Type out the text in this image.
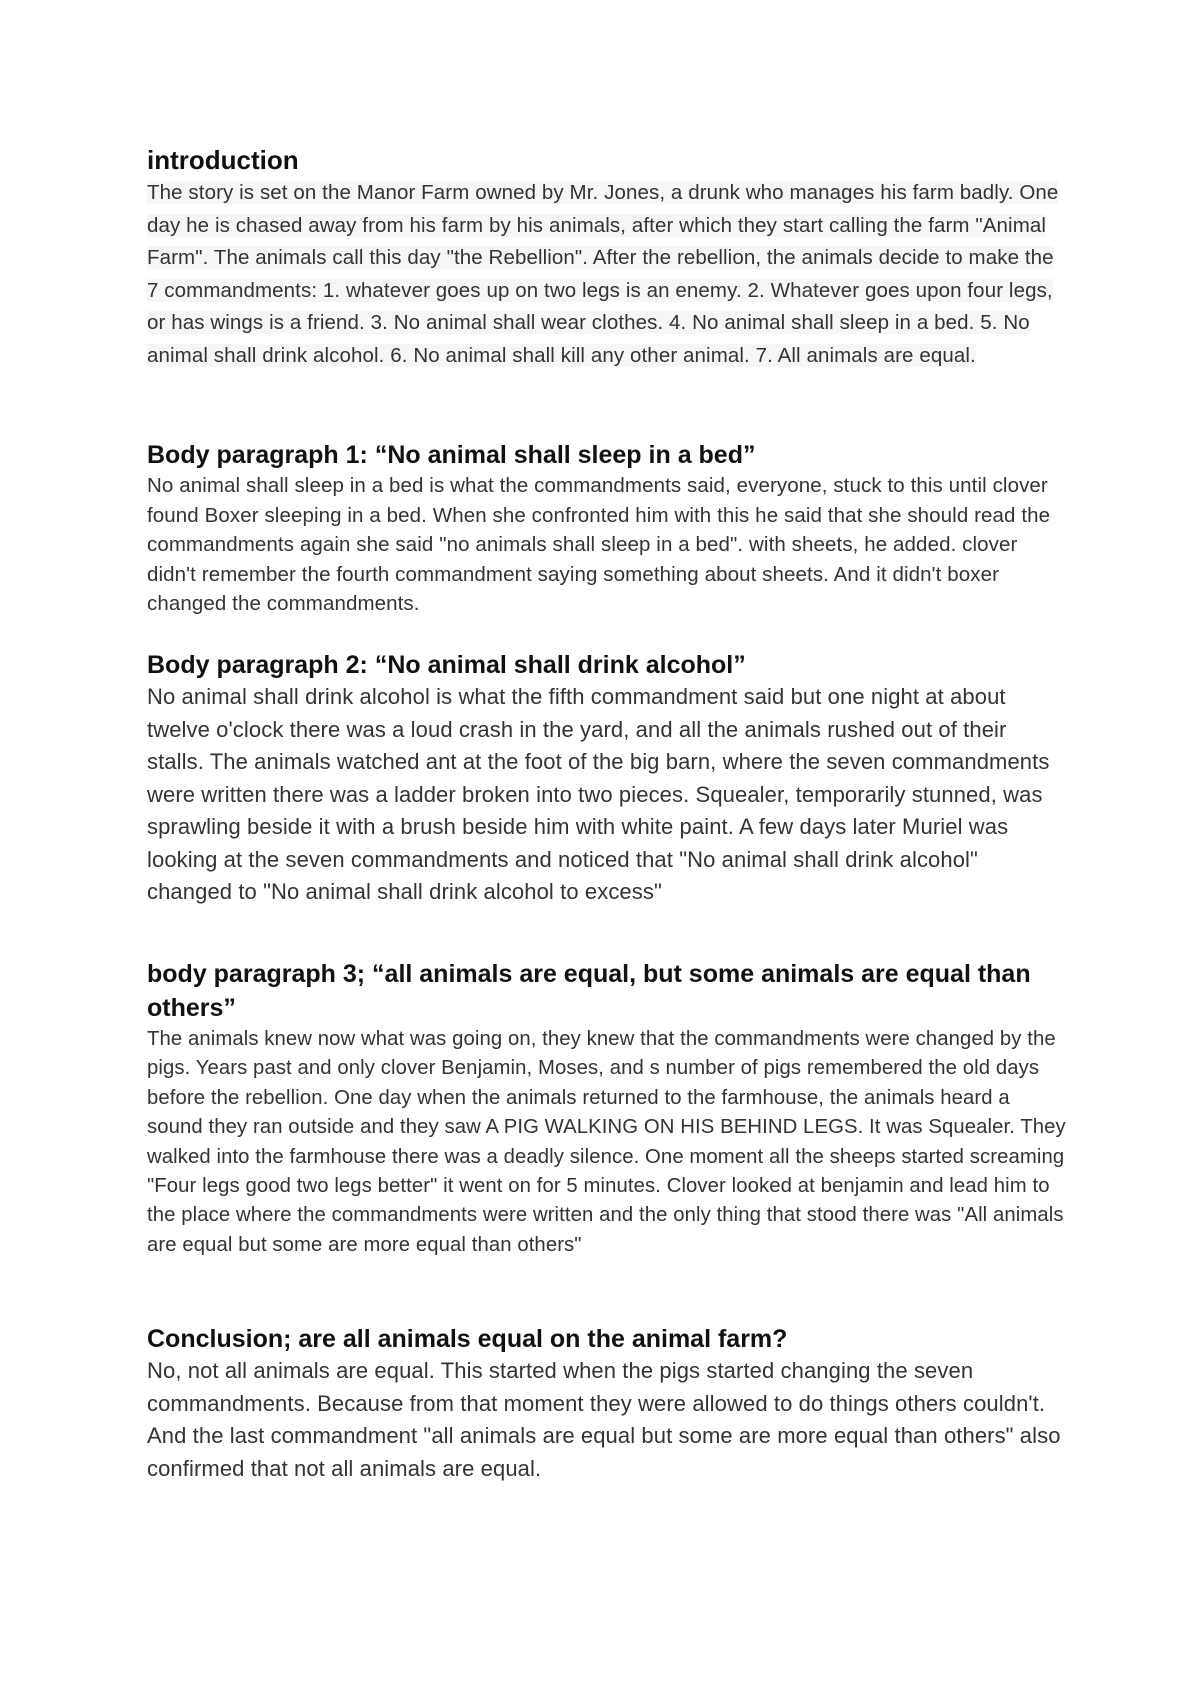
introduction

The story is set on the Manor Farm owned by Mr. Jones, a drunk who manages his farm badly. One day he is chased away from his farm by his animals, after which they start calling the farm "Animal Farm". The animals call this day "the Rebellion". After the rebellion, the animals decide to make the 7 commandments: 1. whatever goes up on two legs is an enemy. 2. Whatever goes upon four legs, or has wings is a friend. 3. No animal shall wear clothes. 4. No animal shall sleep in a bed. 5. No animal shall drink alcohol. 6. No animal shall kill any other animal. 7. All animals are equal.

Body paragraph 1: “No animal shall sleep in a bed”

No animal shall sleep in a bed is what the commandments said, everyone, stuck to this until clover found Boxer sleeping in a bed. When she confronted him with this he said that she should read the commandments again she said "no animals shall sleep in a bed". with sheets, he added. clover didn't remember the fourth commandment saying something about sheets. And it didn't boxer changed the commandments.

Body paragraph 2: “No animal shall drink alcohol”

No animal shall drink alcohol is what the fifth commandment said but one night at about twelve o'clock there was a loud crash in the yard, and all the animals rushed out of their stalls. The animals watched ant at the foot of the big barn, where the seven commandments were written there was a ladder broken into two pieces. Squealer, temporarily stunned, was sprawling beside it with a brush beside him with white paint. A few days later Muriel was looking at the seven commandments and noticed that "No animal shall drink alcohol" changed to "No animal shall drink alcohol to excess"

body paragraph 3; “all animals are equal, but some animals are equal than others”

The animals knew now what was going on, they knew that the commandments were changed by the pigs. Years past and only clover Benjamin, Moses, and s number of pigs remembered the old days before the rebellion. One day when the animals returned to the farmhouse, the animals heard a sound they ran outside and they saw A PIG WALKING ON HIS BEHIND LEGS. It was Squealer. They walked into the farmhouse there was a deadly silence. One moment all the sheeps started screaming "Four legs good two legs better" it went on for 5 minutes. Clover looked at benjamin and lead him to the place where the commandments were written and the only thing that stood there was "All animals are equal but some are more equal than others"

Conclusion; are all animals equal on the animal farm?

No, not all animals are equal. This started when the pigs started changing the seven commandments. Because from that moment they were allowed to do things others couldn't. And the last commandment "all animals are equal but some are more equal than others" also confirmed that not all animals are equal.
